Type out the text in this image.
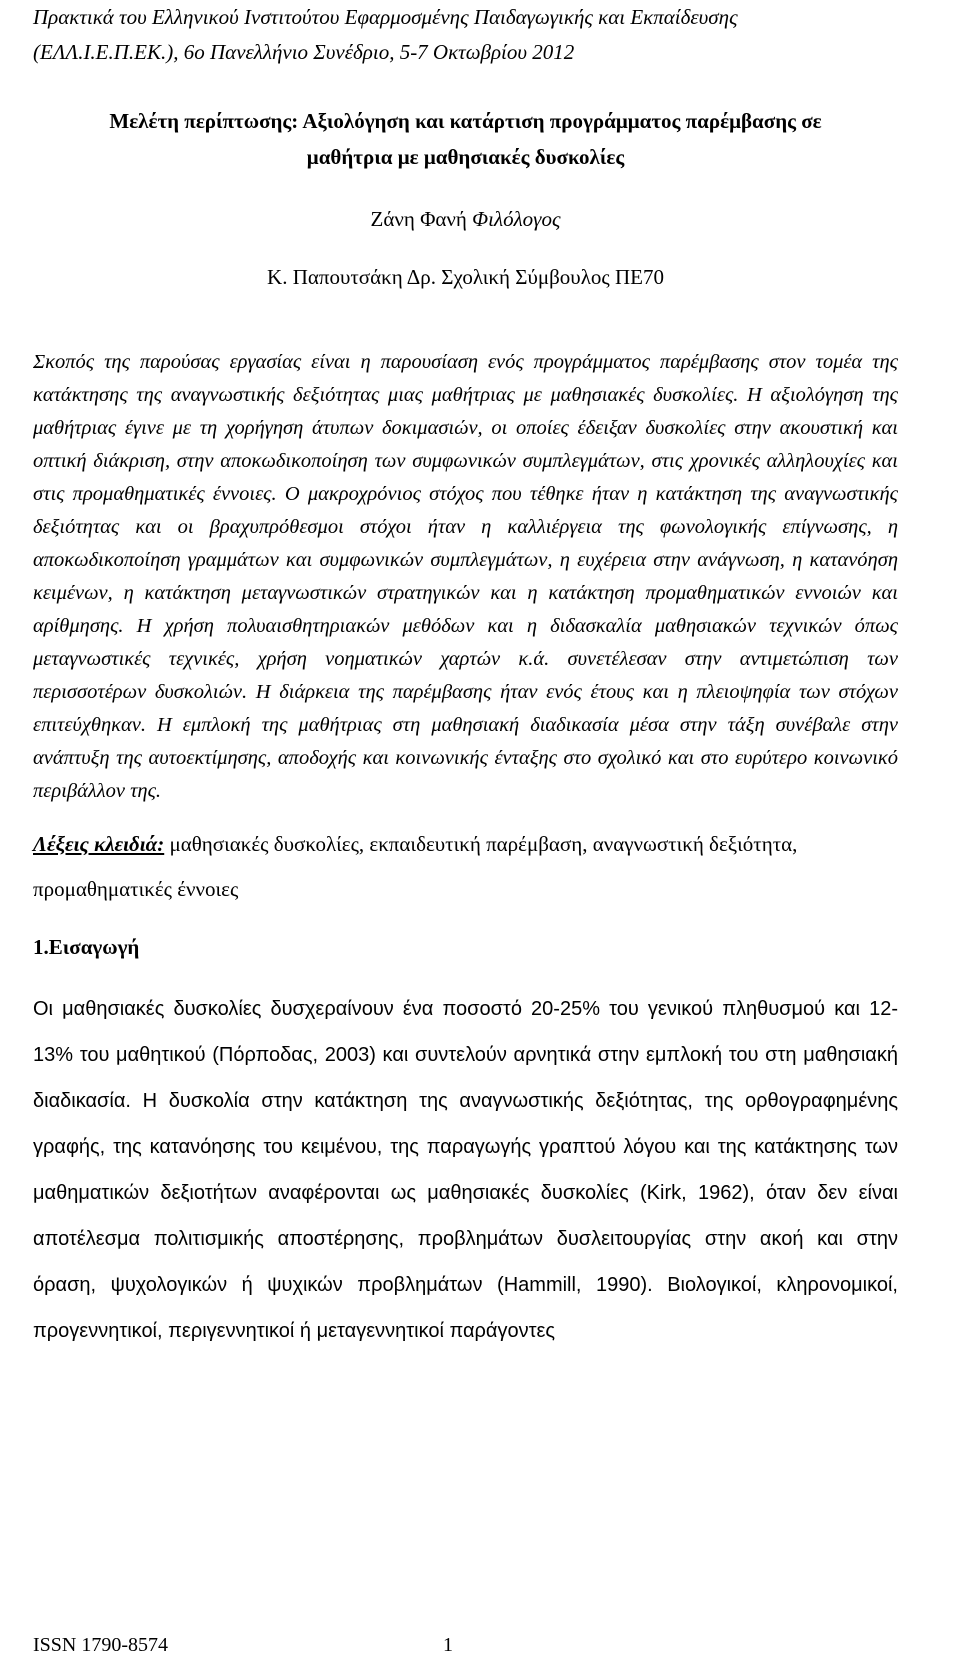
Πρακτικά του Ελληνικού Ινστιτούτου Εφαρμοσμένης Παιδαγωγικής και Εκπαίδευσης
(ΕΛΛ.Ι.Ε.Π.ΕΚ.), 6ο Πανελλήνιο Συνέδριο, 5-7 Οκτωβρίου 2012
Μελέτη περίπτωσης: Αξιολόγηση και κατάρτιση προγράμματος παρέμβασης σε
μαθήτρια με μαθησιακές δυσκολίες
Ζάνη Φανή Φιλόλογος
Κ. Παπουτσάκη Δρ. Σχολική Σύμβουλος ΠΕ70
Σκοπός της παρούσας εργασίας είναι η παρουσίαση ενός προγράμματος παρέμβασης στον τομέα της κατάκτησης της αναγνωστικής δεξιότητας μιας μαθήτριας με μαθησιακές δυσκολίες. Η αξιολόγηση της μαθήτριας έγινε με τη χορήγηση άτυπων δοκιμασιών, οι οποίες έδειξαν δυσκολίες στην ακουστική και οπτική διάκριση, στην αποκωδικοποίηση των συμφωνικών συμπλεγμάτων, στις χρονικές αλληλουχίες και στις προμαθηματικές έννοιες. Ο μακροχρόνιος στόχος που τέθηκε ήταν η κατάκτηση της αναγνωστικής δεξιότητας και οι βραχυπρόθεσμοι στόχοι ήταν η καλλιέργεια της φωνολογικής επίγνωσης, η αποκωδικοποίηση γραμμάτων και συμφωνικών συμπλεγμάτων, η ευχέρεια στην ανάγνωση, η κατανόηση κειμένων, η κατάκτηση μεταγνωστικών στρατηγικών και η κατάκτηση προμαθηματικών εννοιών και αρίθμησης. Η χρήση πολυαισθητηριακών μεθόδων και η διδασκαλία μαθησιακών τεχνικών όπως μεταγνωστικές τεχνικές, χρήση νοηματικών χαρτών κ.ά. συνετέλεσαν στην αντιμετώπιση των περισσοτέρων δυσκολιών. Η διάρκεια της παρέμβασης ήταν ενός έτους και η πλειοψηφία των στόχων επιτεύχθηκαν. Η εμπλοκή της μαθήτριας στη μαθησιακή διαδικασία μέσα στην τάξη συνέβαλε στην ανάπτυξη της αυτοεκτίμησης, αποδοχής και κοινωνικής ένταξης στο σχολικό και στο ευρύτερο κοινωνικό περιβάλλον της.
Λέξεις κλειδιά: μαθησιακές δυσκολίες, εκπαιδευτική παρέμβαση, αναγνωστική δεξιότητα, προμαθηματικές έννοιες
1.Εισαγωγή
Οι μαθησιακές δυσκολίες δυσχεραίνουν ένα ποσοστό 20-25% του γενικού πληθυσμού και 12-13% του μαθητικού (Πόρποδας, 2003) και συντελούν αρνητικά στην εμπλοκή του στη μαθησιακή διαδικασία. Η δυσκολία στην κατάκτηση της αναγνωστικής δεξιότητας, της ορθογραφημένης γραφής, της κατανόησης του κειμένου, της παραγωγής γραπτού λόγου και της κατάκτησης των μαθηματικών δεξιοτήτων αναφέρονται ως μαθησιακές δυσκολίες (Kirk, 1962), όταν δεν είναι αποτέλεσμα πολιτισμικής αποστέρησης, προβλημάτων δυσλειτουργίας στην ακοή και στην όραση, ψυχολογικών ή ψυχικών προβλημάτων (Hammill, 1990). Βιολογικοί, κληρονομικοί, προγεννητικοί, περιγεννητικοί ή μεταγεννητικοί παράγοντες
ISSN 1790-8574	1
